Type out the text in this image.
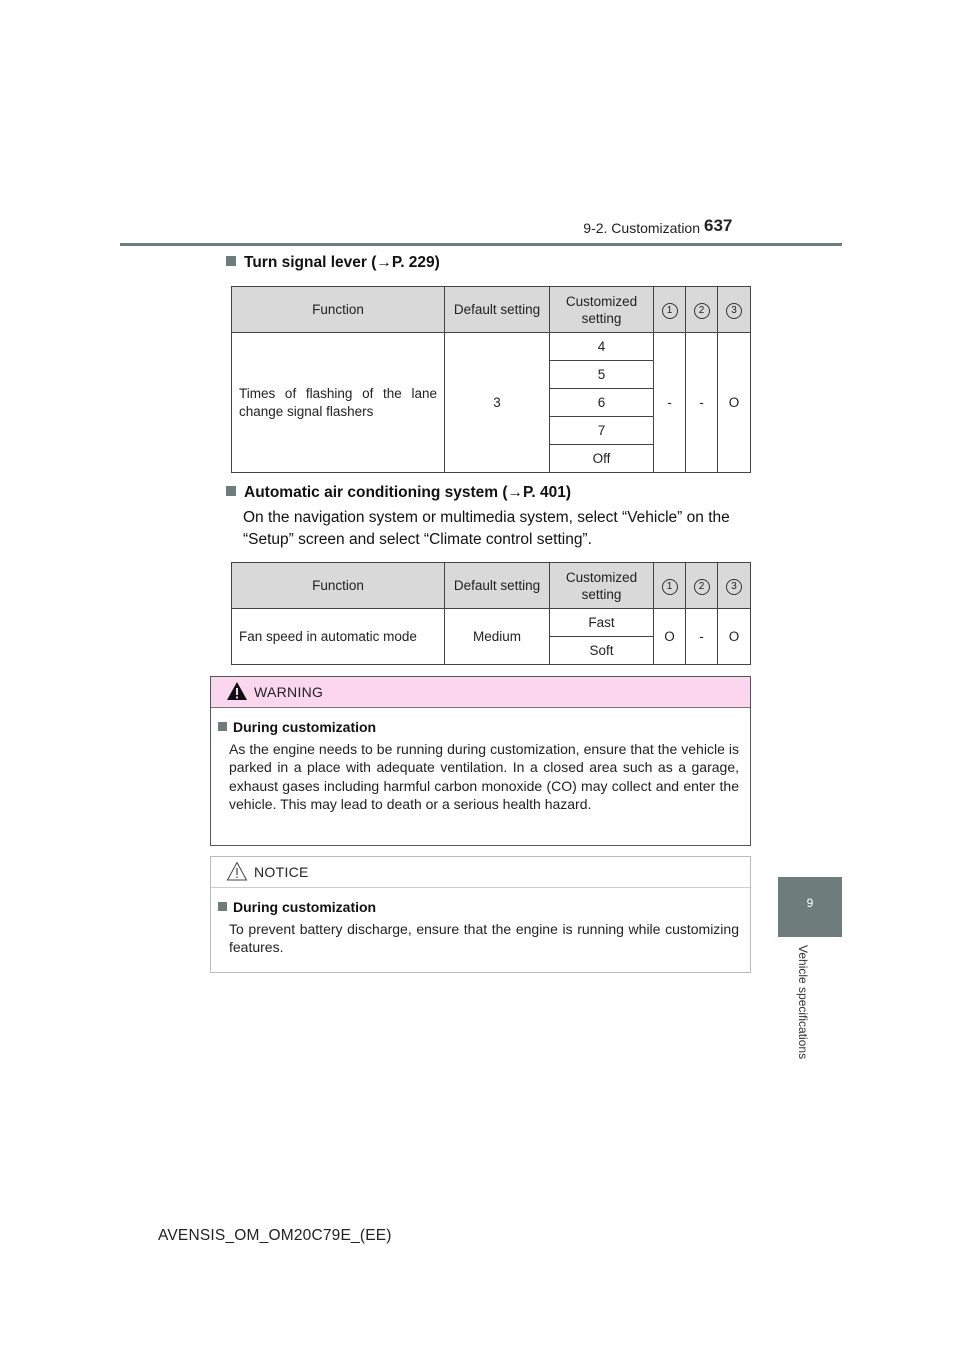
9-2. Customization 637
9
Vehicle specifications
Turn signal lever (→P. 229)
Function	Default setting	Customized setting	1	2	3
Times of flashing of the lane change signal flashers	3	4	-	-	O
		5			
		6			
		7			
		Off			
Automatic air conditioning system (→P. 401)
On the navigation system or multimedia system, select “Vehicle” on the “Setup” screen and select “Climate control setting”.
Function	Default setting	Customized setting	1	2	3
Fan speed in automatic mode	Medium	Fast	O	-	O
		Soft			
WARNING
During customization
As the engine needs to be running during customization, ensure that the vehicle is parked in a place with adequate ventilation. In a closed area such as a garage, exhaust gases including harmful carbon monoxide (CO) may collect and enter the vehicle. This may lead to death or a serious health hazard.
NOTICE
During customization
To prevent battery discharge, ensure that the engine is running while customizing features.
AVENSIS_OM_OM20C79E_(EE)
